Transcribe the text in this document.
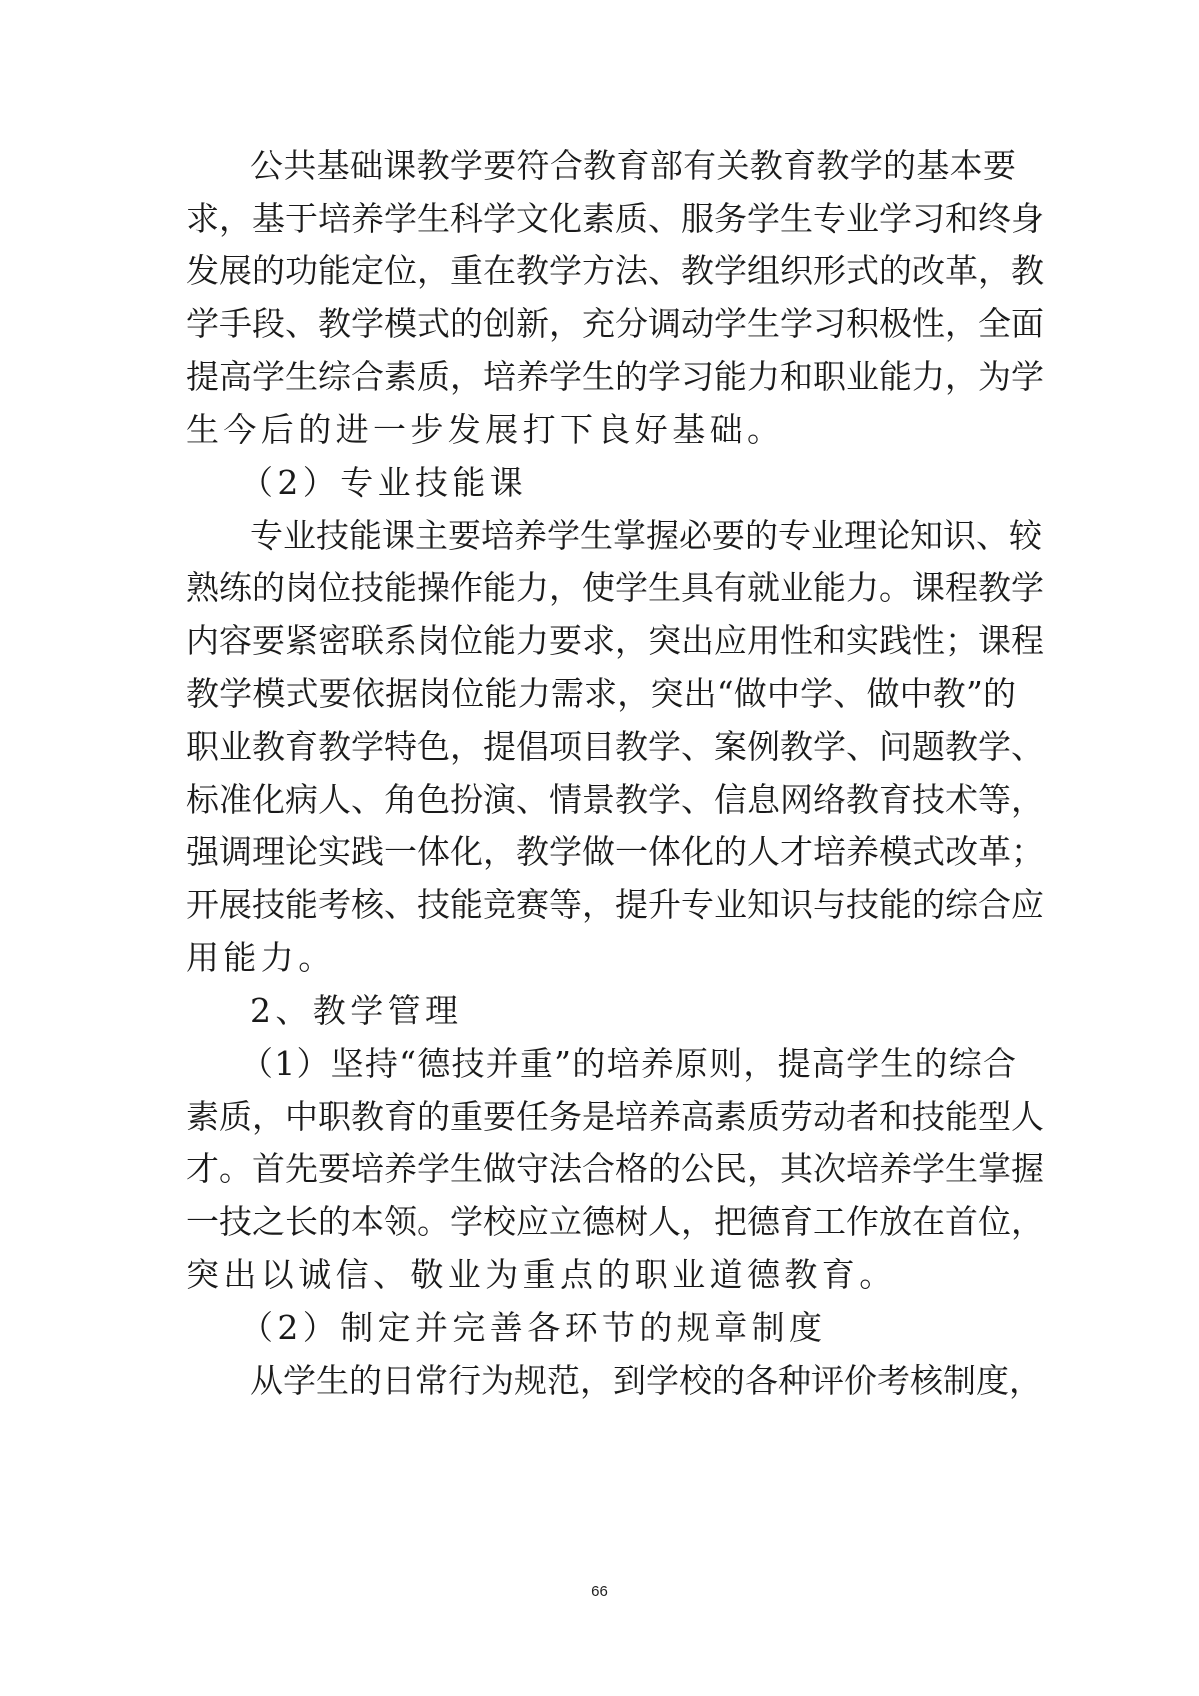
公共基础课教学要符合教育部有关教育教学的基本要
求，基于培养学生科学文化素质、服务学生专业学习和终身
发展的功能定位，重在教学方法、教学组织形式的改革，教
学手段、教学模式的创新，充分调动学生学习积极性，全面
提高学生综合素质，培养学生的学习能力和职业能力，为学
生今后的进一步发展打下良好基础。
（2）专业技能课
专业技能课主要培养学生掌握必要的专业理论知识、较
熟练的岗位技能操作能力，使学生具有就业能力。课程教学
内容要紧密联系岗位能力要求，突出应用性和实践性；课程
教学模式要依据岗位能力需求，突出“做中学、做中教”的
职业教育教学特色，提倡项目教学、案例教学、问题教学、
标准化病人、角色扮演、情景教学、信息网络教育技术等，
强调理论实践一体化，教学做一体化的人才培养模式改革；
开展技能考核、技能竞赛等，提升专业知识与技能的综合应
用能力。
2、教学管理
（1）坚持“德技并重”的培养原则，提高学生的综合
素质，中职教育的重要任务是培养高素质劳动者和技能型人
才。首先要培养学生做守法合格的公民，其次培养学生掌握
一技之长的本领。学校应立德树人，把德育工作放在首位，
突出以诚信、敬业为重点的职业道德教育。
（2）制定并完善各环节的规章制度
从学生的日常行为规范，到学校的各种评价考核制度，
66
